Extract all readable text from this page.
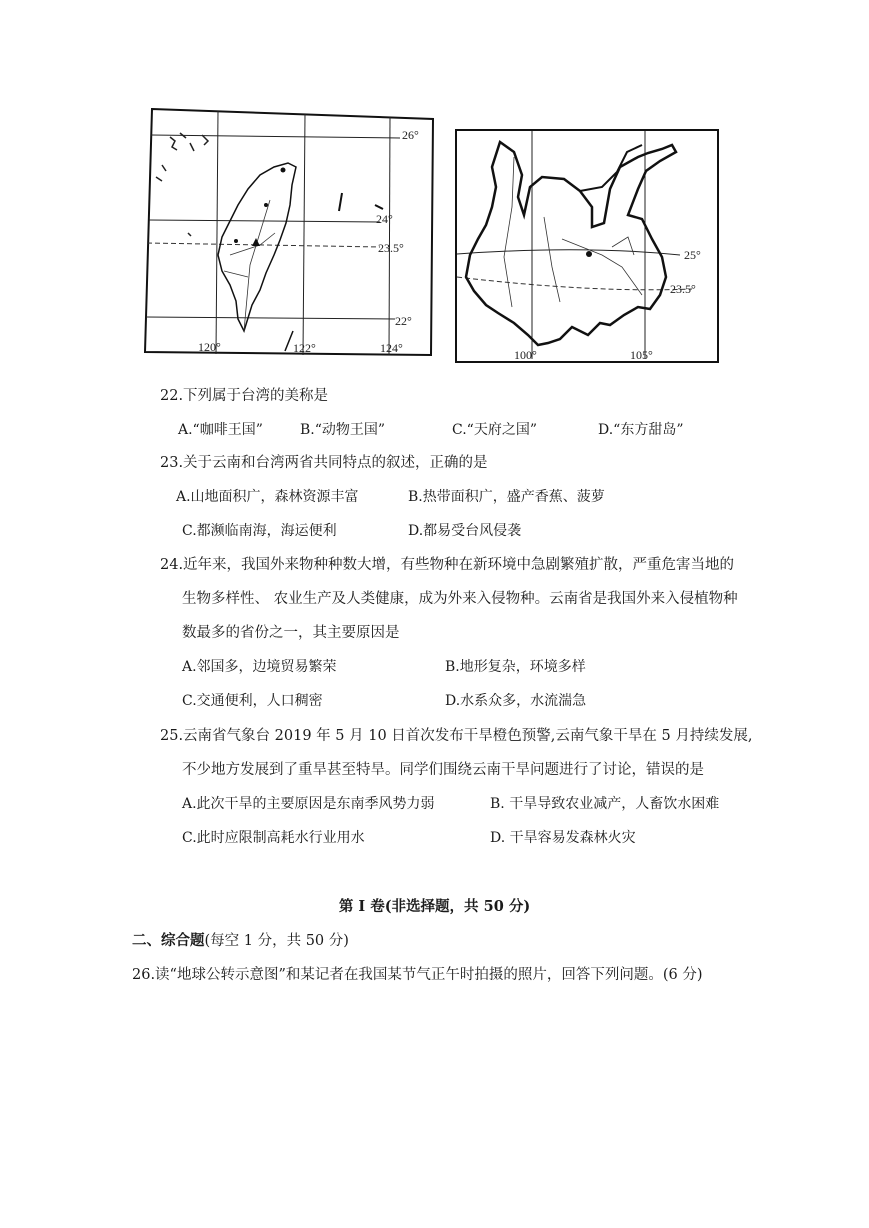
26°
24°
23.5°
22°
120°	122°	124°
25°
23.5°
100°	105°
22.下列属于台湾的美称是
A.“咖啡王国”	B.“动物王国”	C.“天府之国”	D.“东方甜岛”
23.关于云南和台湾两省共同特点的叙述，正确的是
A.山地面积广，森林资源丰富	B.热带面积广，盛产香蕉、菠萝
C.都濒临南海，海运便利	D.都易受台风侵袭
24.近年来，我国外来物种种数大增，有些物种在新环境中急剧繁殖扩散，严重危害当地的
生物多样性、 农业生产及人类健康，成为外来入侵物种。云南省是我国外来入侵植物种
数最多的省份之一，其主要原因是
A.邻国多，边境贸易繁荣	B.地形复杂，环境多样
C.交通便利，人口稠密	D.水系众多，水流湍急
25.云南省气象台 2019 年 5 月 10 日首次发布干旱橙色预警,云南气象干旱在 5 月持续发展,
不少地方发展到了重旱甚至特旱。同学们围绕云南干旱问题进行了讨论，错误的是
A.此次干旱的主要原因是东南季风势力弱	B. 干旱导致农业减产，人畜饮水困难
C.此时应限制高耗水行业用水	D. 干旱容易发森林火灾
第 I 卷(非选择题，共 50 分)
二、综合题(每空 1 分，共 50 分)
26.读“地球公转示意图”和某记者在我国某节气正午时拍摄的照片，回答下列问题。(6 分)
